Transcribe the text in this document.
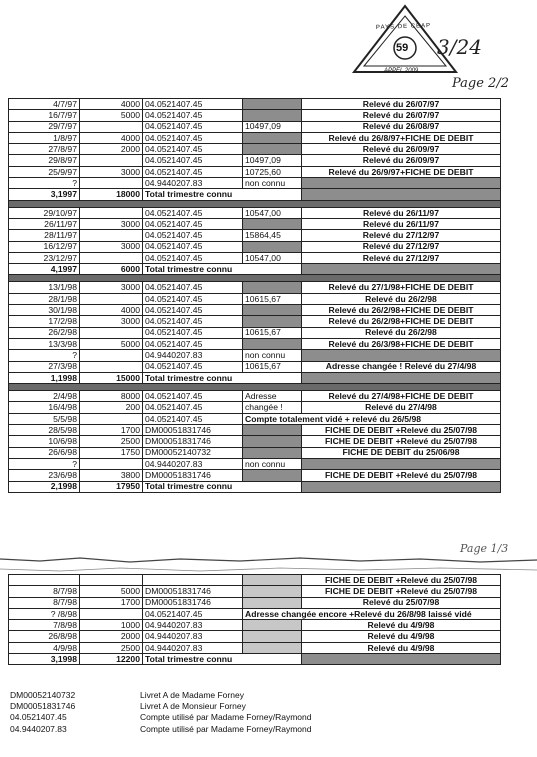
PAYS DE CEAP
59
APPEL 2009
3/24
Page 2/2
4/7/97	4000	04.0521407.45		Relevé du 26/07/97
16/7/97	5000	04.0521407.45		Relevé du 26/07/97
29/7/97		04.0521407.45	10497,09	Relevé du 26/08/97
1/8/97	4000	04.0521407.45		Relevé du 26/8/97+FICHE DE DEBIT
27/8/97	2000	04.0521407.45		Relevé du 26/09/97
29/8/97		04.0521407.45	10497,09	Relevé du 26/09/97
25/9/97	3000	04.0521407.45	10725,60	Relevé du 26/9/97+FICHE DE DEBIT
?		04.9440207.83	non connu	
3,1997	18000	Total trimestre connu		

29/10/97		04.0521407.45	10547,00	Relevé du 26/11/97
26/11/97	3000	04.0521407.45		Relevé du 26/11/97
28/11/97		04.0521407.45	15864,45	Relevé du 27/12/97
16/12/97	3000	04.0521407.45		Relevé du 27/12/97
23/12/97		04.0521407.45	10547,00	Relevé du 27/12/97
4,1997	6000	Total trimestre connu		

13/1/98	3000	04.0521407.45		Relevé du 27/1/98+FICHE DE DEBIT
28/1/98		04.0521407.45	10615,67	Relevé du 26/2/98
30/1/98	4000	04.0521407.45		Relevé du 26/2/98+FICHE DE DEBIT
17/2/98	3000	04.0521407.45		Relevé du 26/2/98+FICHE DE DEBIT
26/2/98		04.0521407.45	10615,67	Relevé du 26/2/98
13/3/98	5000	04.0521407.45		Relevé du 26/3/98+FICHE DE DEBIT
?		04.9440207.83	non connu	
27/3/98		04.0521407.45	10615,67	Adresse changée ! Relevé du 27/4/98
1,1998	15000	Total trimestre connu		

2/4/98	8000	04.0521407.45	Adresse	Relevé du 27/4/98+FICHE DE DEBIT
16/4/98	200	04.0521407.45	changée !	Relevé du 27/4/98
5/5/98		04.0521407.45	Compte totalement vidé + relevé du 26/5/98	
28/5/98	1700	DM00051831746		FICHE DE DEBIT +Relevé du 25/07/98
10/6/98	2500	DM00051831746		FICHE DE DEBIT +Relevé du 25/07/98
26/6/98	1750	DM00052140732		FICHE DE DEBIT du 25/06/98
?		04.9440207.83	non connu	
23/6/98	3800	DM00051831746		FICHE DE DEBIT +Relevé du 25/07/98
2,1998	17950	Total trimestre connu		
Page 1/3
				FICHE DE DEBIT +Relevé du 25/07/98
8/7/98	5000	DM00051831746		FICHE DE DEBIT +Relevé du 25/07/98
8/7/98	1700	DM00051831746		Relevé du 25/07/98
? /8/98		04.0521407.45	Adresse changée encore +Relevé du 26/8/98 laissé vidé	
7/8/98	1000	04.9440207.83		Relevé du 4/9/98
26/8/98	2000	04.9440207.83		Relevé du 4/9/98
4/9/98	2500	04.9440207.83		Relevé du 4/9/98
3,1998	12200	Total trimestre connu		
DM00052140732	Livret A de Madame Forney
DM00051831746	Livret A de Monsieur Forney
04.0521407.45	Compte utilisé par Madame Forney/Raymond
04.9440207.83	Compte utilisé par Madame Forney/Raymond
